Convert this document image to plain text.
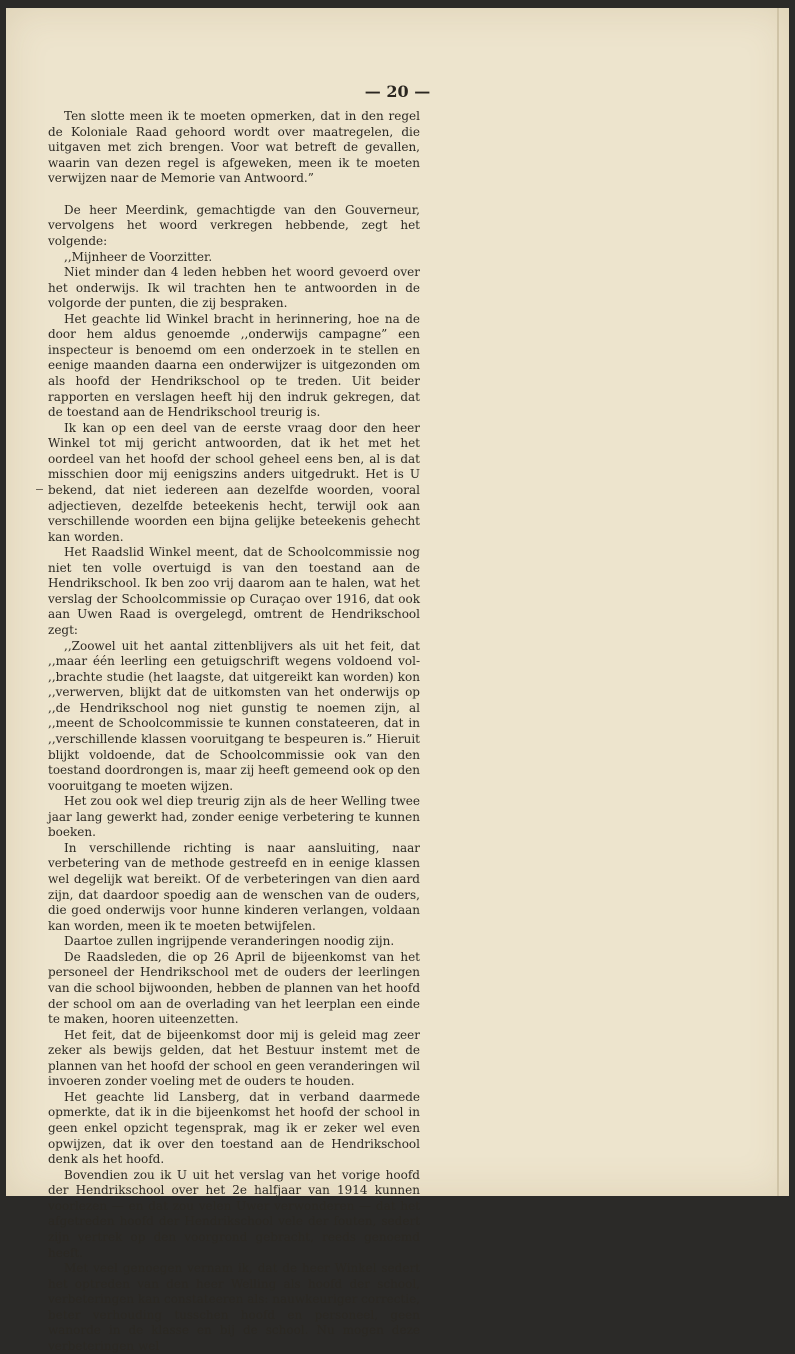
— 20 —

Ten slotte meen ik te moeten opmerken, dat in den regel de Koloniale Raad gehoord wordt over maatregelen, die uitgaven met zich brengen. Voor wat betreft de gevallen, waarin van dezen regel is afgeweken, meen ik te moeten verwijzen naar de Memorie van Antwoord.”

De heer Meerdink, gemachtigde van den Gouverneur, vervolgens het woord verkregen hebbende, zegt het volgende:

,,Mijnheer de Voorzitter.

Niet minder dan 4 leden hebben het woord gevoerd over het onderwijs. Ik wil trachten hen te antwoorden in de volgorde der punten, die zij bespraken.

Het geachte lid Winkel bracht in herinnering, hoe na de door hem aldus genoemde ,,onderwijs campagne” een inspecteur is benoemd om een onderzoek in te stellen en eenige maanden daarna een onderwijzer is uitgezonden om als hoofd der Hendrikschool op te treden. Uit beider rapporten en verslagen heeft hij den indruk gekregen, dat de toestand aan de Hendrikschool treurig is.

Ik kan op een deel van de eerste vraag door den heer Winkel tot mij gericht antwoorden, dat ik het met het oordeel van het hoofd der school geheel eens ben, al is dat misschien door mij eenigszins anders uitgedrukt. Het is U bekend, dat niet iedereen aan dezelfde woorden, vooral adjectieven, dezelfde beteekenis hecht, terwijl ook aan verschillende woorden een bijna gelijke beteekenis gehecht kan worden.

Het Raadslid Winkel meent, dat de Schoolcommissie nog niet ten volle overtuigd is van den toestand aan de Hendrikschool. Ik ben zoo vrij daarom aan te halen, wat het verslag der Schoolcommissie op Curaçao over 1916, dat ook aan Uwen Raad is overgelegd, omtrent de Hendrikschool zegt:

,,Zoowel uit het aantal zittenblijvers als uit het feit, dat ,,maar één leerling een getuigschrift wegens voldoend vol- ,,brachte studie (het laagste, dat uitgereikt kan worden) kon ,,verwerven, blijkt dat de uitkomsten van het onderwijs op ,,de Hendrikschool nog niet gunstig te noemen zijn, al ,,meent de Schoolcommissie te kunnen constateeren, dat in ,,verschillende klassen vooruitgang te bespeuren is.” Hieruit blijkt voldoende, dat de Schoolcommissie ook van den toestand doordrongen is, maar zij heeft gemeend ook op den vooruitgang te moeten wijzen.

Het zou ook wel diep treurig zijn als de heer Welling twee jaar lang gewerkt had, zonder eenige verbetering te kunnen boeken.

In verschillende richting is naar aansluiting, naar verbetering van de methode gestreefd en in eenige klassen wel degelijk wat bereikt. Of de verbeteringen van dien aard zijn, dat daardoor spoedig aan de wenschen van de ouders, die goed onderwijs voor hunne kinderen verlangen, voldaan kan worden, meen ik te moeten betwijfelen.

Daartoe zullen ingrijpende veranderingen noodig zijn.

De Raadsleden, die op 26 April de bijeenkomst van het personeel der Hendrikschool met de ouders der leerlingen van die school bijwoonden, hebben de plannen van het hoofd der school om aan de overlading van het leerplan een einde te maken, hooren uiteenzetten.

Het feit, dat de bijeenkomst door mij is geleid mag zeer zeker als bewijs gelden, dat het Bestuur instemt met de plannen van het hoofd der school en geen veranderingen wil invoeren zonder voeling met de ouders te houden.

Het geachte lid Lansberg, dat in verband daarmede opmerkte, dat ik in die bijeenkomst het hoofd der school in geen enkel opzicht tegensprak, mag ik er zeker wel even opwijzen, dat ik over den toestand aan de Hendrikschool denk als het hoofd.

Bovendien zou ik U uit het verslag van het vorige hoofd der Hendrikschool over het 2e halfjaar van 1914 kunnen voorlezen — en dat zou velen Uwer verwonderen — dat het afgetreden hoofd der Hendrikschool vele der fouten, sedert zijn vertrek op den voorgrond gebracht, reeds genoemd heeft.

Met veel genoegen vernam ik, dat de heer Winkel sedert het optreden van den heer Welling als hoofd der school, verbeteringen kan constateeren als: nauwkeuriger correctie, beter verhouding tusschen hoofd en personeel, geen wanorde in de klasse en bij de school. Nu mogen deze verbeteringen wel
